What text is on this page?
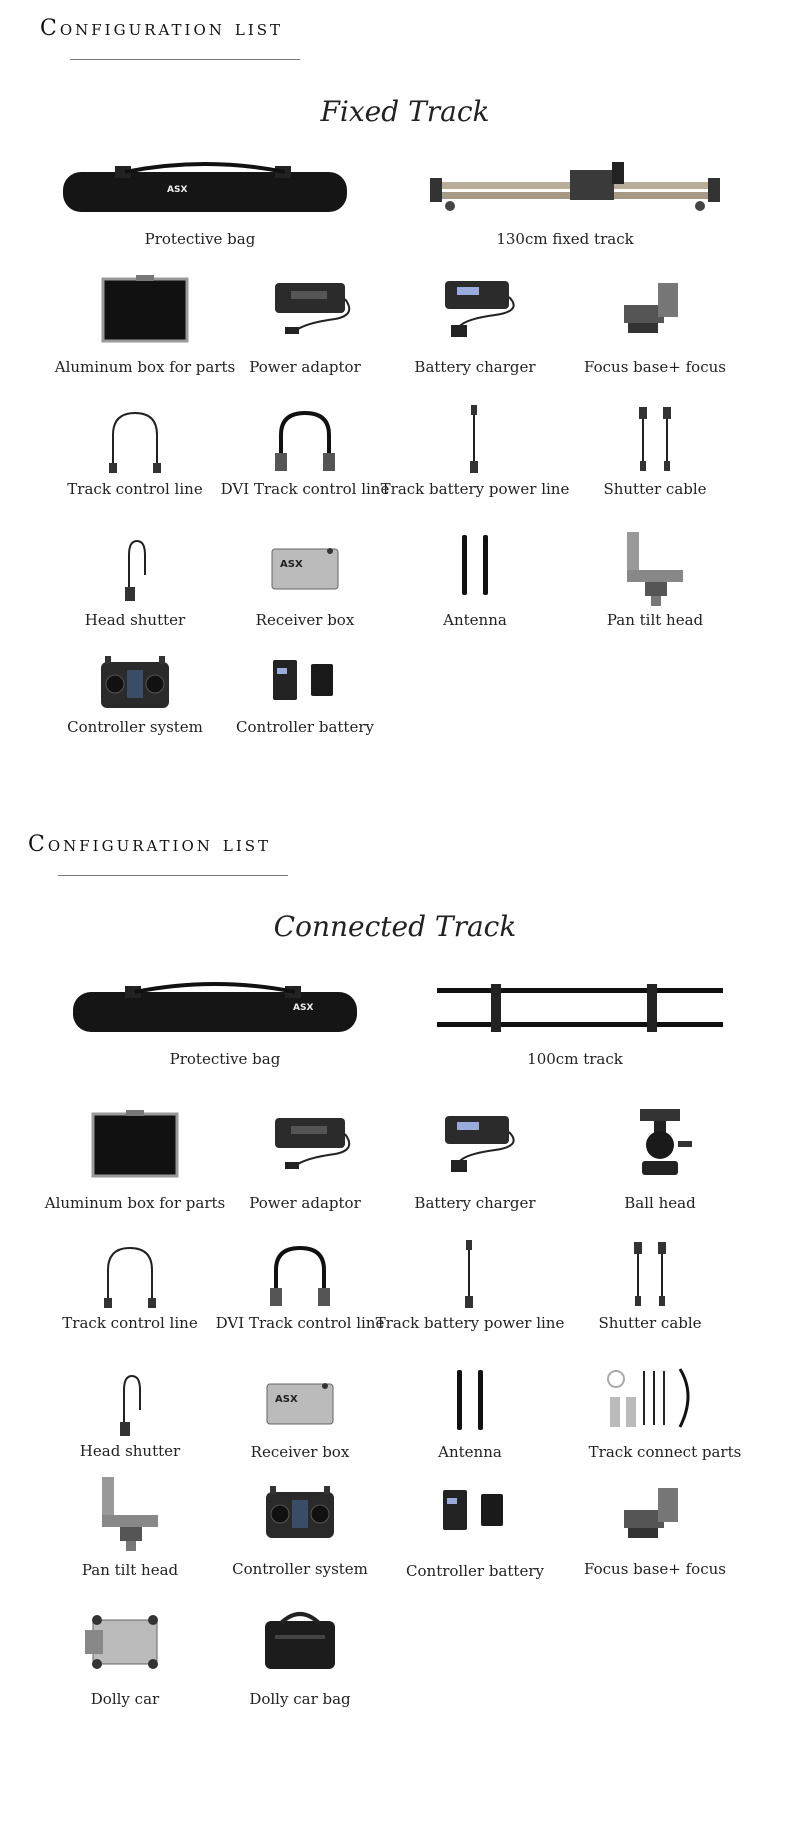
Configuration list
Fixed Track
ASX
Protective bag	130cm fixed track
Aluminum box for parts Power adaptor	Battery charger	Focus base+ focus
Track control line	DVI Track control line
Track battery power line	Shutter cable
Head shutter
ASX
Receiver box	Antenna	Pan tilt head
Controller system	Controller battery
Configuration list
Connected Track
ASX
Protective bag	100cm track
Aluminum box for parts	Power adaptor	Battery charger	Ball head
Track control line	DVI Track control line
Track battery power line	Shutter cable
Head shutter
ASX
Receiver box	Antenna	Track connect parts
Pan tilt head	Controller system	Controller battery	Focus base+ focus
Dolly car	Dolly car bag
